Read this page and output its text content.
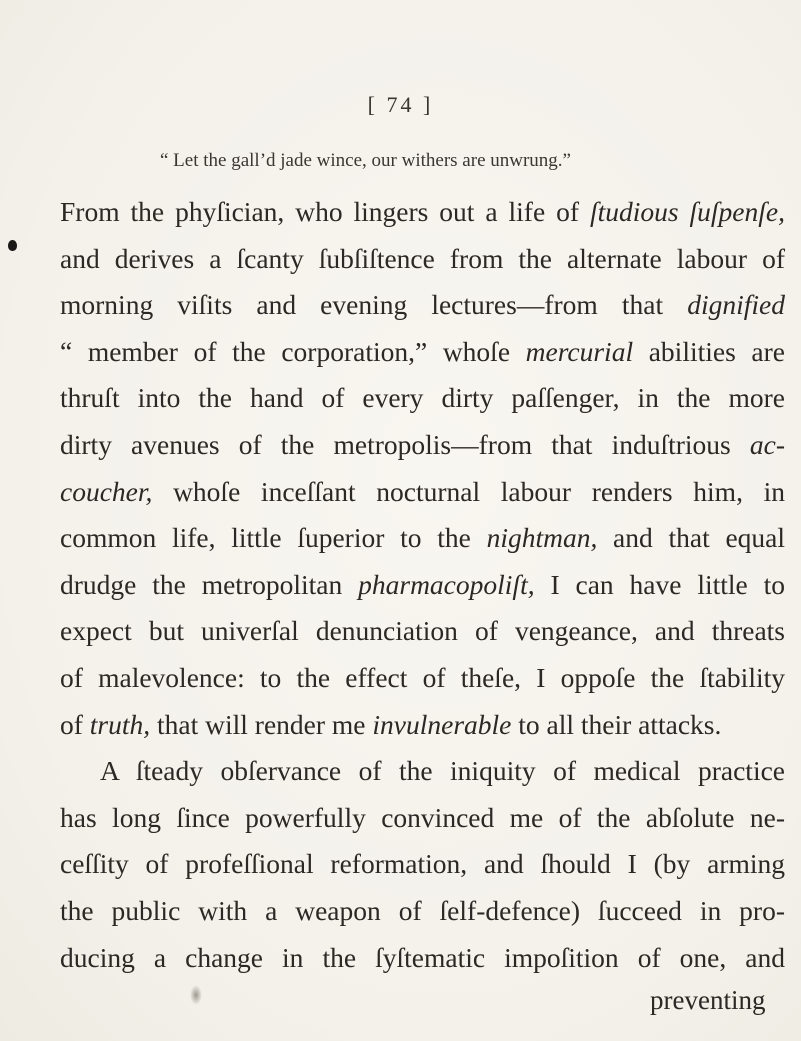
[ 74 ]
“ Let the gall’d jade wince, our withers are unwrung.”
From the phyſician, who lingers out a life of ſtudious ſuſpenſe,
and derives a ſcanty ſubſiſtence from the alternate labour of
morning viſits and evening lectures—from that dignified
“ member of the corporation,” whoſe mercurial abilities are
thruſt into the hand of every dirty paſſenger, in the more
dirty avenues of the metropolis—from that induſtrious ac-
coucher, whoſe inceſſant nocturnal labour renders him, in
common life, little ſuperior to the nightman, and that equal
drudge the metropolitan pharmacopoliſt, I can have little to
expect but univerſal denunciation of vengeance, and threats
of malevolence: to the effect of theſe, I oppoſe the ſtability
of truth, that will render me invulnerable to all their attacks.
A ſteady obſervance of the iniquity of medical practice
has long ſince powerfully convinced me of the abſolute ne-
ceſſity of profeſſional reformation, and ſhould I (by arming
the public with a weapon of ſelf-defence) ſucceed in pro-
ducing a change in the ſyſtematic impoſition of one, and
preventing
